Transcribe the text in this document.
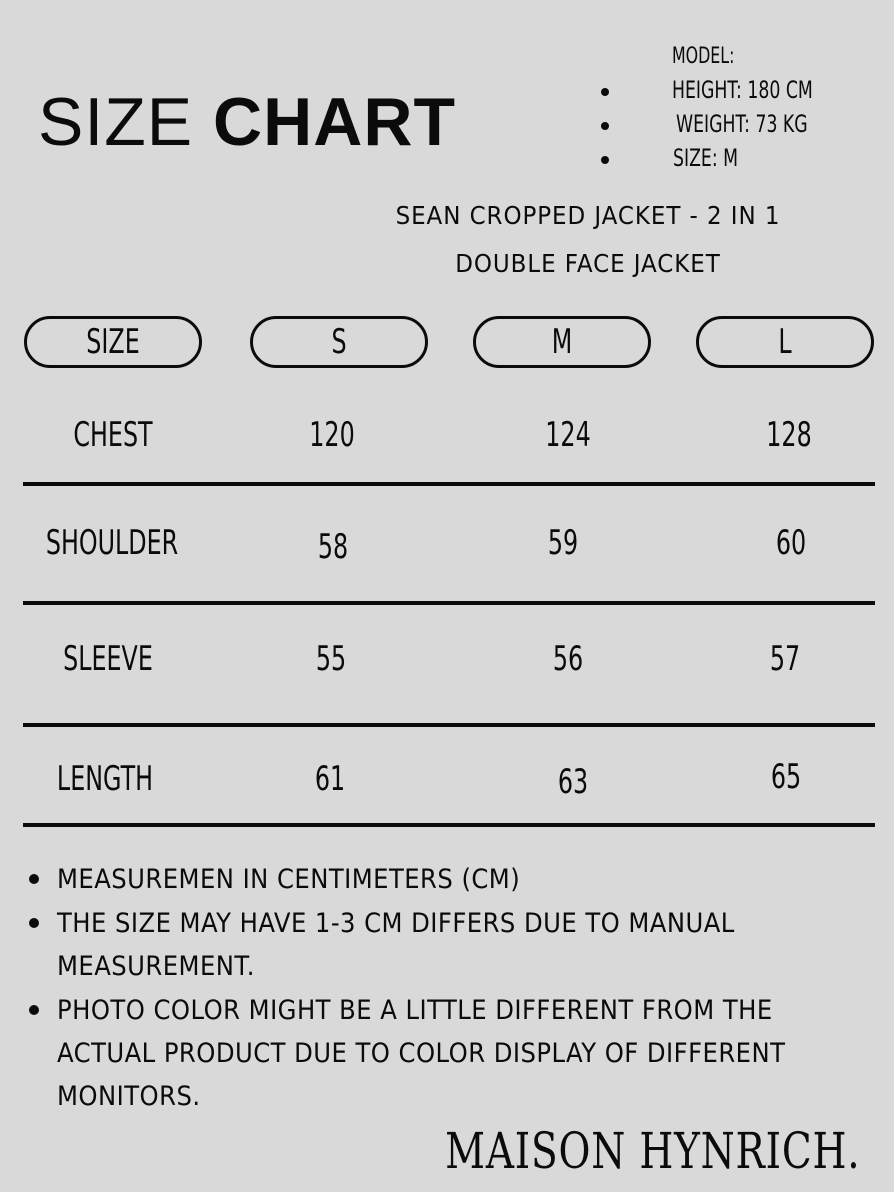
SIZE CHART
MODEL:
HEIGHT: 180 CM
WEIGHT: 73 KG
SIZE: M
SEAN CROPPED JACKET - 2 IN 1
DOUBLE FACE JACKET
SIZE	S	M	L
CHEST	120	124	128
SHOULDER	58	59	60
SLEEVE	55	56	57
LENGTH	61	63	65
MEASUREMEN IN CENTIMETERS (CM)
THE SIZE MAY HAVE 1-3 CM DIFFERS DUE TO MANUAL MEASUREMENT.
PHOTO COLOR MIGHT BE A LITTLE DIFFERENT FROM THE ACTUAL PRODUCT DUE TO COLOR DISPLAY OF DIFFERENT MONITORS.
MAISON HYNRICH.
